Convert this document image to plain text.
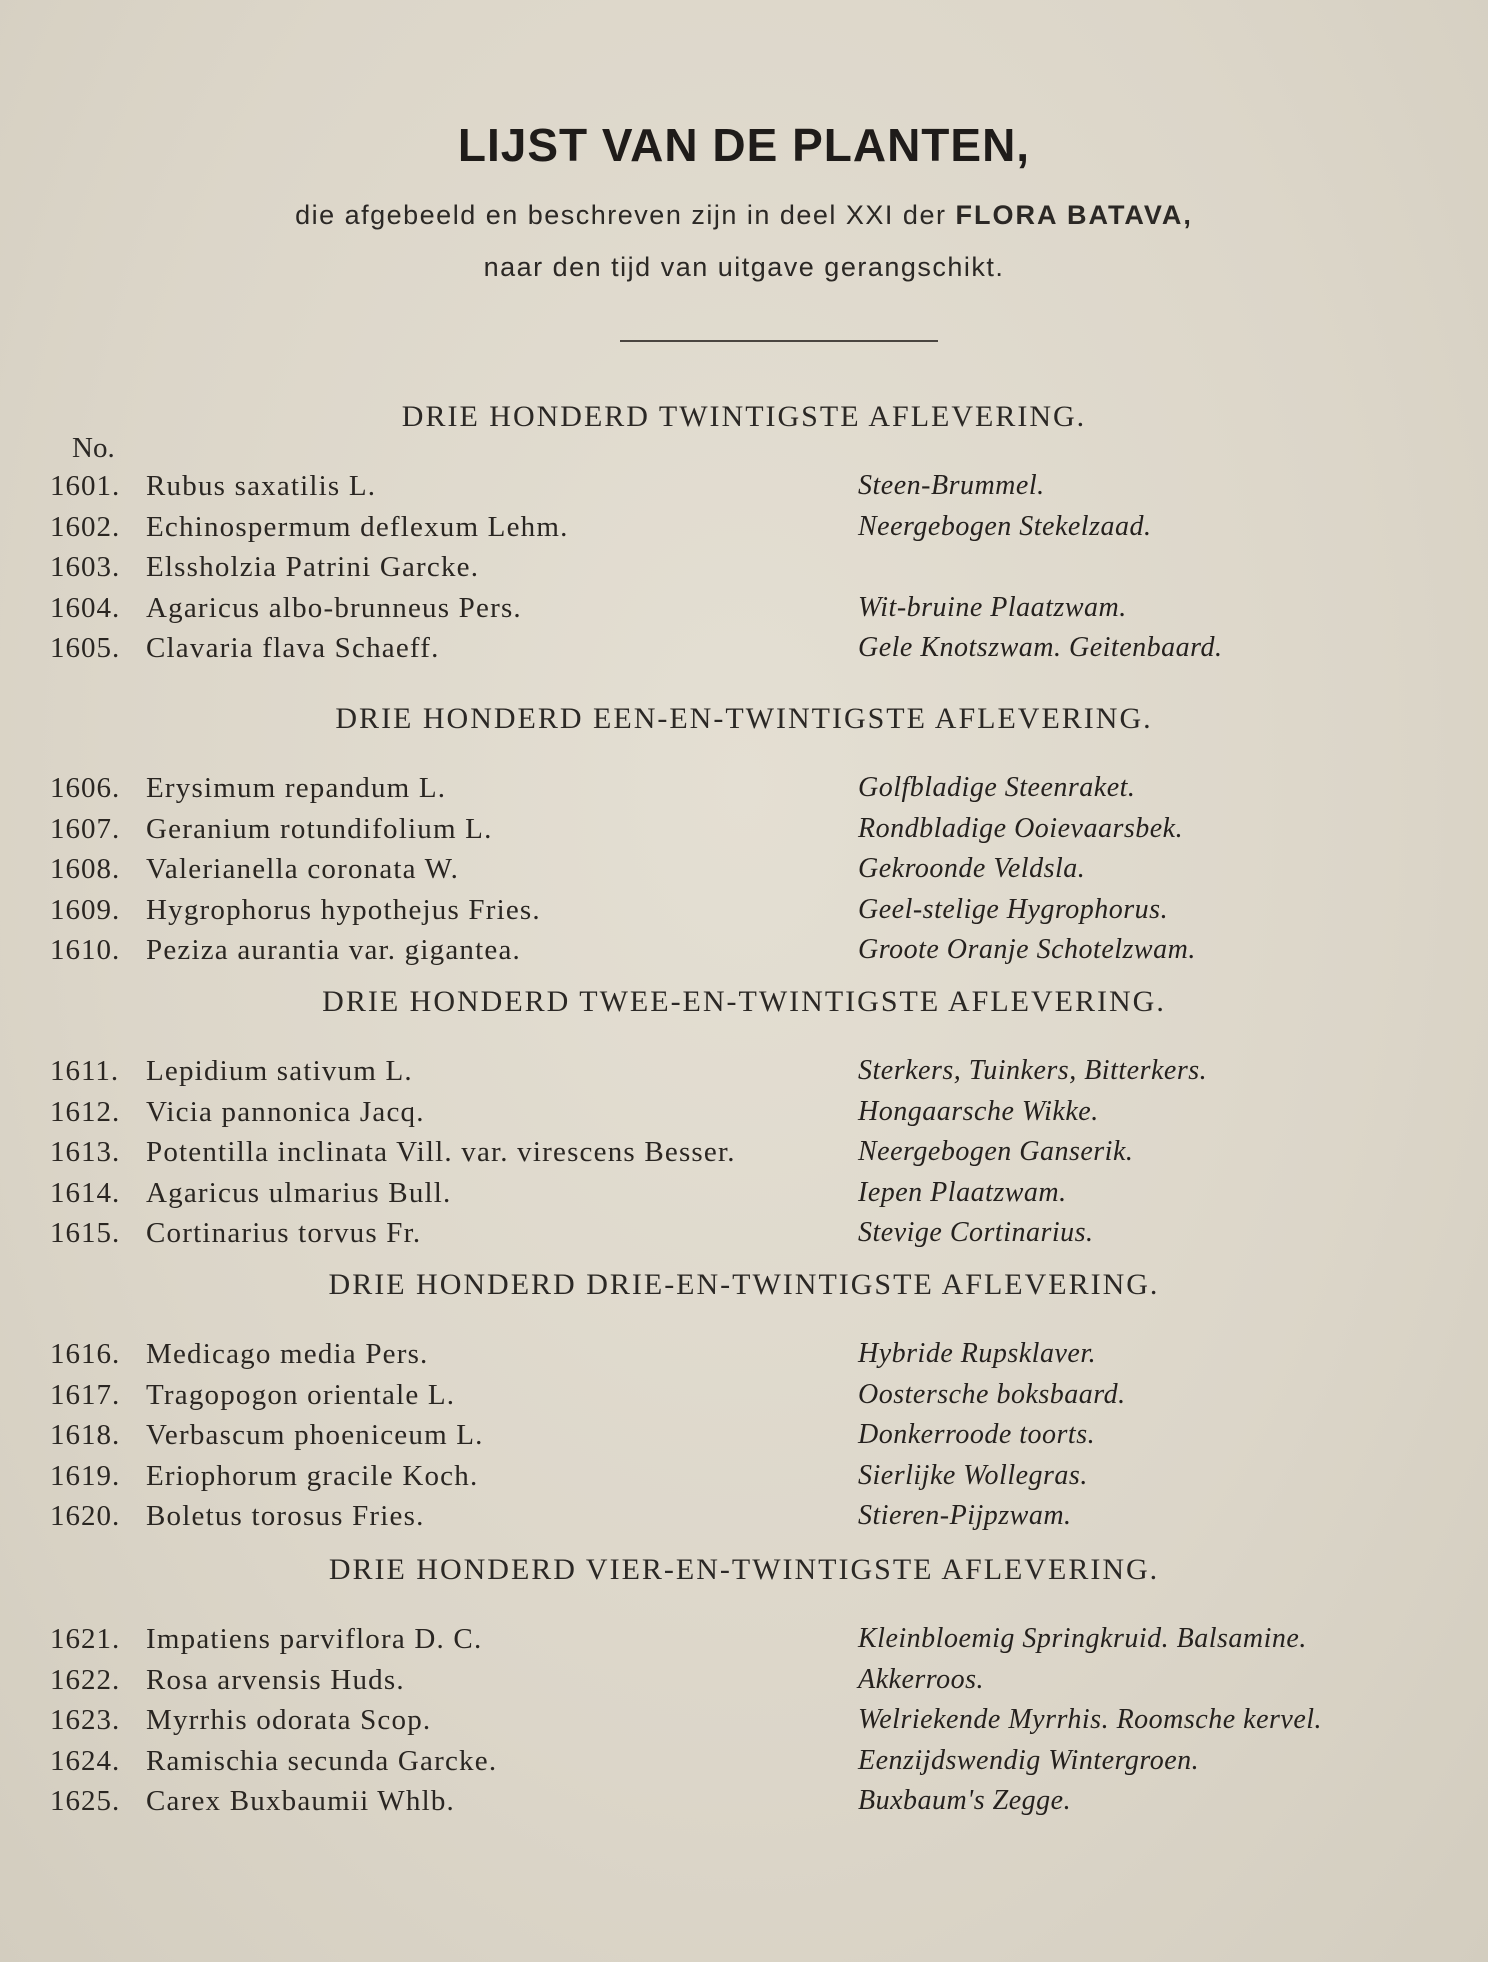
LIJST VAN DE PLANTEN,
die afgebeeld en beschreven zijn in deel XXI der FLORA BATAVA,
naar den tijd van uitgave gerangschikt.
No.
DRIE HONDERD TWINTIGSTE AFLEVERING.
1601. Rubus saxatilis L.	Steen-Brummel.
1602. Echinospermum deflexum Lehm.	Neergebogen Stekelzaad.
1603. Elssholzia Patrini Garcke.
1604. Agaricus albo-brunneus Pers.	Wit-bruine Plaatzwam.
1605. Clavaria flava Schaeff.	Gele Knotszwam. Geitenbaard.
DRIE HONDERD EEN-EN-TWINTIGSTE AFLEVERING.
1606. Erysimum repandum L.	Golfbladige Steenraket.
1607. Geranium rotundifolium L.	Rondbladige Ooievaarsbek.
1608. Valerianella coronata W.	Gekroonde Veldsla.
1609. Hygrophorus hypothejus Fries.	Geel-stelige Hygrophorus.
1610. Peziza aurantia var. gigantea.	Groote Oranje Schotelzwam.
DRIE HONDERD TWEE-EN-TWINTIGSTE AFLEVERING.
1611. Lepidium sativum L.	Sterkers, Tuinkers, Bitterkers.
1612. Vicia pannonica Jacq.	Hongaarsche Wikke.
1613. Potentilla inclinata Vill. var. virescens Besser.	Neergebogen Ganserik.
1614. Agaricus ulmarius Bull.	Iepen Plaatzwam.
1615. Cortinarius torvus Fr.	Stevige Cortinarius.
DRIE HONDERD DRIE-EN-TWINTIGSTE AFLEVERING.
1616. Medicago media Pers.	Hybride Rupsklaver.
1617. Tragopogon orientale L.	Oostersche boksbaard.
1618. Verbascum phoeniceum L.	Donkerroode toorts.
1619. Eriophorum gracile Koch.	Sierlijke Wollegras.
1620. Boletus torosus Fries.	Stieren-Pijpzwam.
DRIE HONDERD VIER-EN-TWINTIGSTE AFLEVERING.
1621. Impatiens parviflora D. C.	Kleinbloemig Springkruid. Balsamine.
1622. Rosa arvensis Huds.	Akkerroos.
1623. Myrrhis odorata Scop.	Welriekende Myrrhis. Roomsche kervel.
1624. Ramischia secunda Garcke.	Eenzijdswendig Wintergroen.
1625. Carex Buxbaumii Whlb.	Buxbaum's Zegge.
